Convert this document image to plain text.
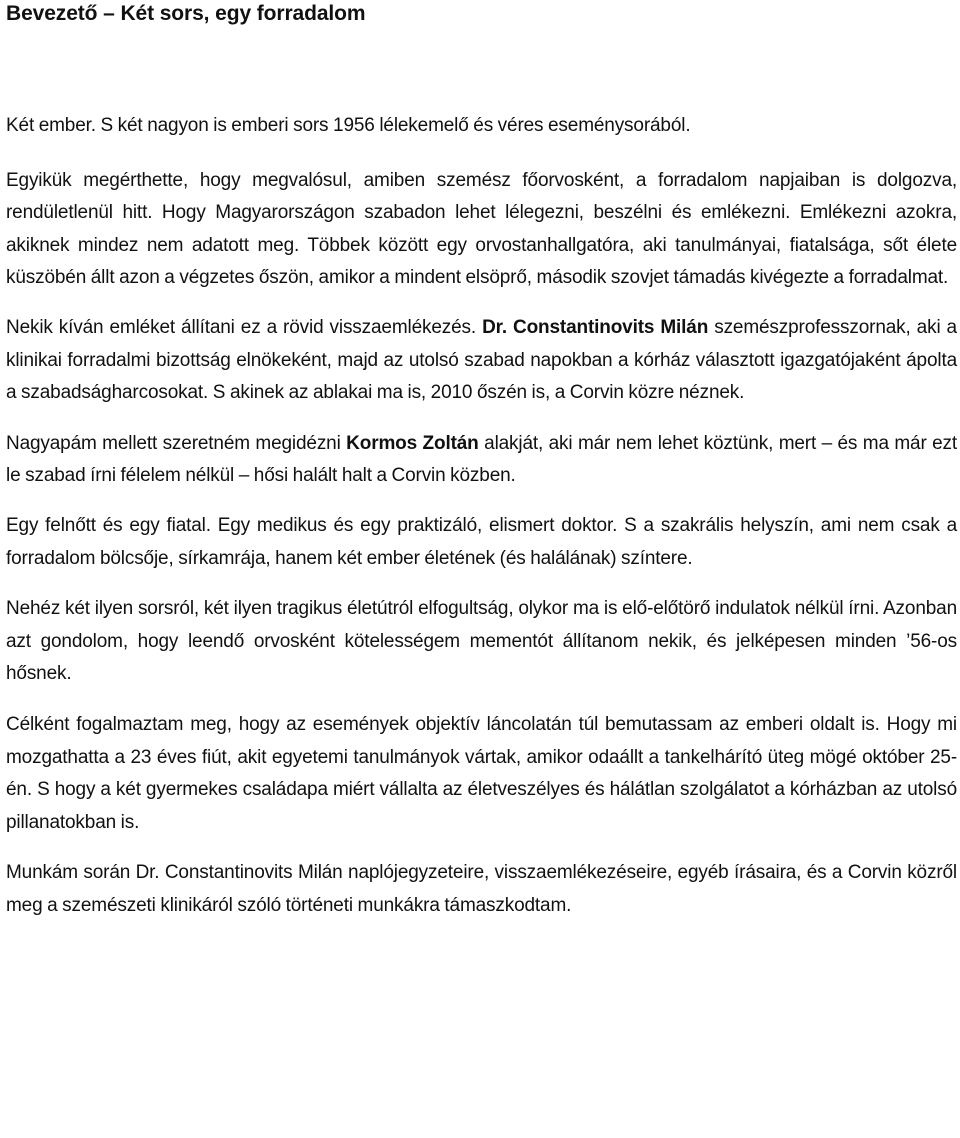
Bevezető – Két sors, egy forradalom

Két ember. S két nagyon is emberi sors 1956 lélekemelő és véres eseménysorából.

Egyikük megérthette, hogy megvalósul, amiben szemész főorvosként, a forradalom napjaiban is dolgozva, rendületlenül hitt. Hogy Magyarországon szabadon lehet lélegezni, beszélni és emlékezni. Emlékezni azokra, akiknek mindez nem adatott meg. Többek között egy orvostanhallgatóra, aki tanulmányai, fiatalsága, sőt élete küszöbén állt azon a végzetes őszön, amikor a mindent elsöprő, második szovjet támadás kivégezte a forradalmat.

Nekik kíván emléket állítani ez a rövid visszaemlékezés. Dr. Constantinovits Milán szemészprofesszornak, aki a klinikai forradalmi bizottság elnökeként, majd az utolsó szabad napokban a kórház választott igazgatójaként ápolta a szabadságharcosokat. S akinek az ablakai ma is, 2010 őszén is, a Corvin közre néznek.

Nagyapám mellett szeretném megidézni Kormos Zoltán alakját, aki már nem lehet köztünk, mert – és ma már ezt le szabad írni félelem nélkül – hősi halált halt a Corvin közben.

Egy felnőtt és egy fiatal. Egy medikus és egy praktizáló, elismert doktor. S a szakrális helyszín, ami nem csak a forradalom bölcsője, sírkamrája, hanem két ember életének (és halálának) színtere.

Nehéz két ilyen sorsról, két ilyen tragikus életútról elfogultság, olykor ma is elő-előtörő indulatok nélkül írni. Azonban azt gondolom, hogy leendő orvosként kötelességem mementót állítanom nekik, és jelképesen minden ’56-os hősnek.

Célként fogalmaztam meg, hogy az események objektív láncolatán túl bemutassam az emberi oldalt is. Hogy mi mozgathatta a 23 éves fiút, akit egyetemi tanulmányok vártak, amikor odaállt a tankelhárító üteg mögé október 25-én. S hogy a két gyermekes családapa miért vállalta az életveszélyes és hálátlan szolgálatot a kórházban az utolsó pillanatokban is.

Munkám során Dr. Constantinovits Milán naplójegyzeteire, visszaemlékezéseire, egyéb írásaira, és a Corvin közről meg a szemészeti klinikáról szóló történeti munkákra támaszkodtam.
